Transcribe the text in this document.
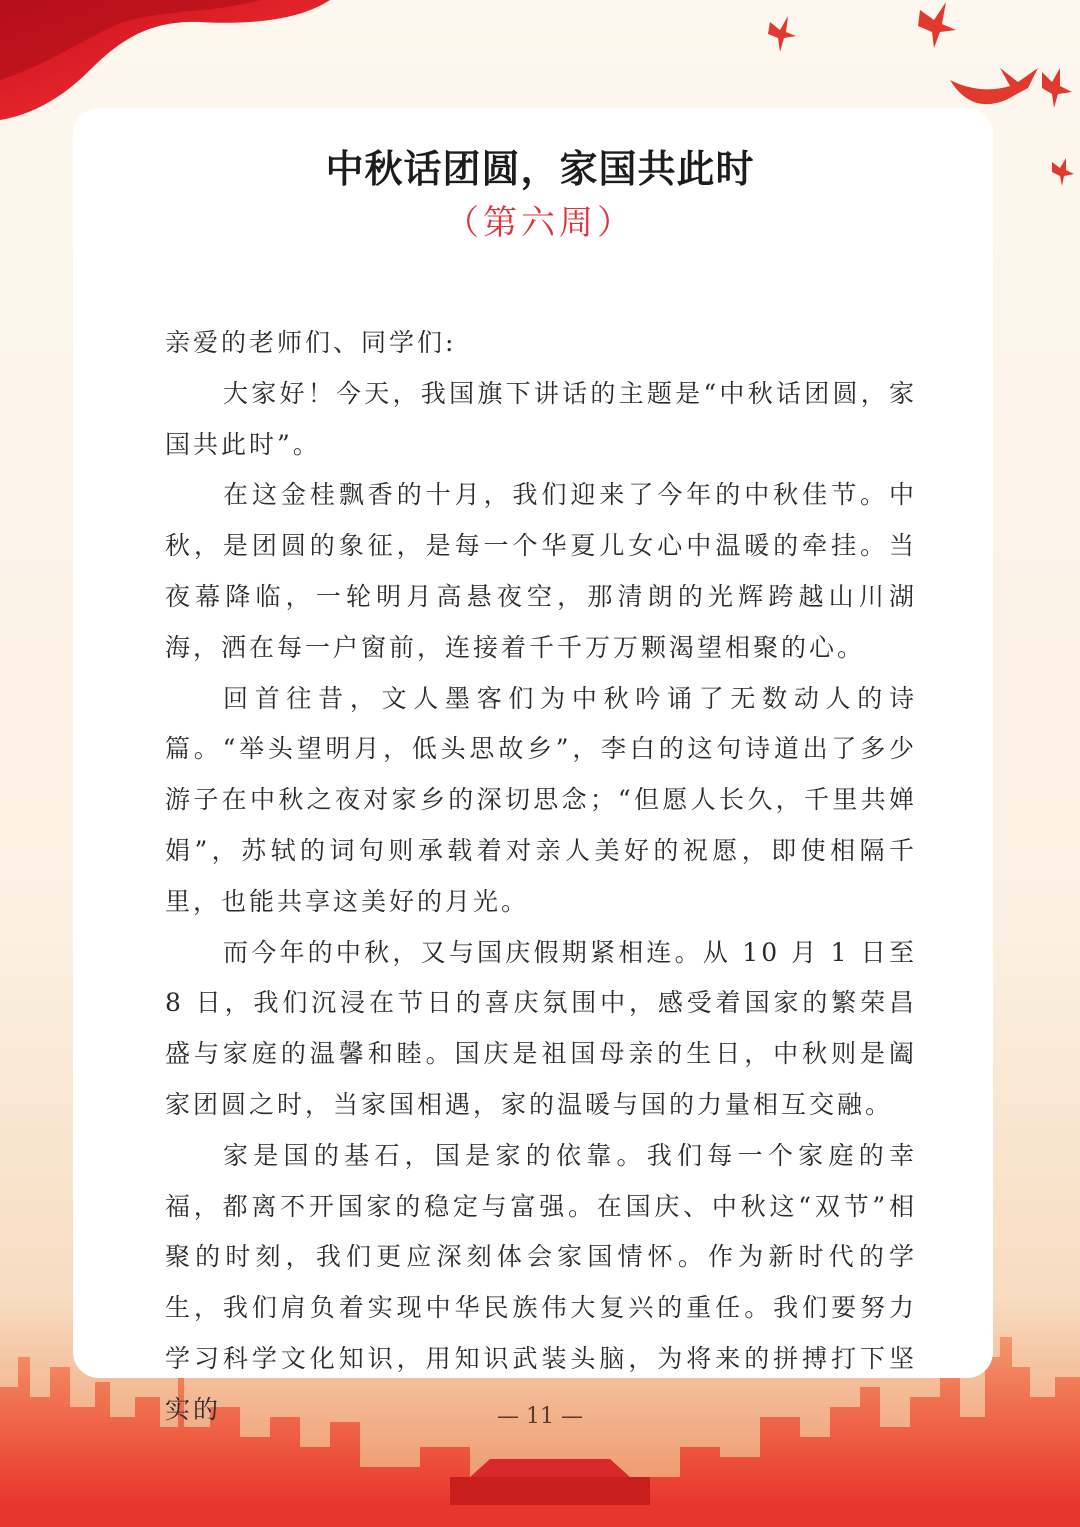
中秋话团圆，家国共此时
（第六周）

亲爱的老师们、同学们:

大家好！今天，我国旗下讲话的主题是“中秋话团圆，家国共此时”。

在这金桂飘香的十月，我们迎来了今年的中秋佳节。中秋，是团圆的象征，是每一个华夏儿女心中温暖的牵挂。当夜幕降临，一轮明月高悬夜空，那清朗的光辉跨越山川湖海，洒在每一户窗前，连接着千千万万颗渴望相聚的心。

回首往昔，文人墨客们为中秋吟诵了无数动人的诗篇。“举头望明月，低头思故乡”，李白的这句诗道出了多少游子在中秋之夜对家乡的深切思念；“但愿人长久，千里共婵娟”，苏轼的词句则承载着对亲人美好的祝愿，即使相隔千里，也能共享这美好的月光。

而今年的中秋，又与国庆假期紧相连。从 10 月 1 日至 8 日，我们沉浸在节日的喜庆氛围中，感受着国家的繁荣昌盛与家庭的温馨和睦。国庆是祖国母亲的生日，中秋则是阖家团圆之时，当家国相遇，家的温暖与国的力量相互交融。

家是国的基石，国是家的依靠。我们每一个家庭的幸福，都离不开国家的稳定与富强。在国庆、中秋这“双节”相聚的时刻，我们更应深刻体会家国情怀。作为新时代的学生，我们肩负着实现中华民族伟大复兴的重任。我们要努力学习科学文化知识，用知识武装头脑，为将来的拼搏打下坚实的	— 11 —
